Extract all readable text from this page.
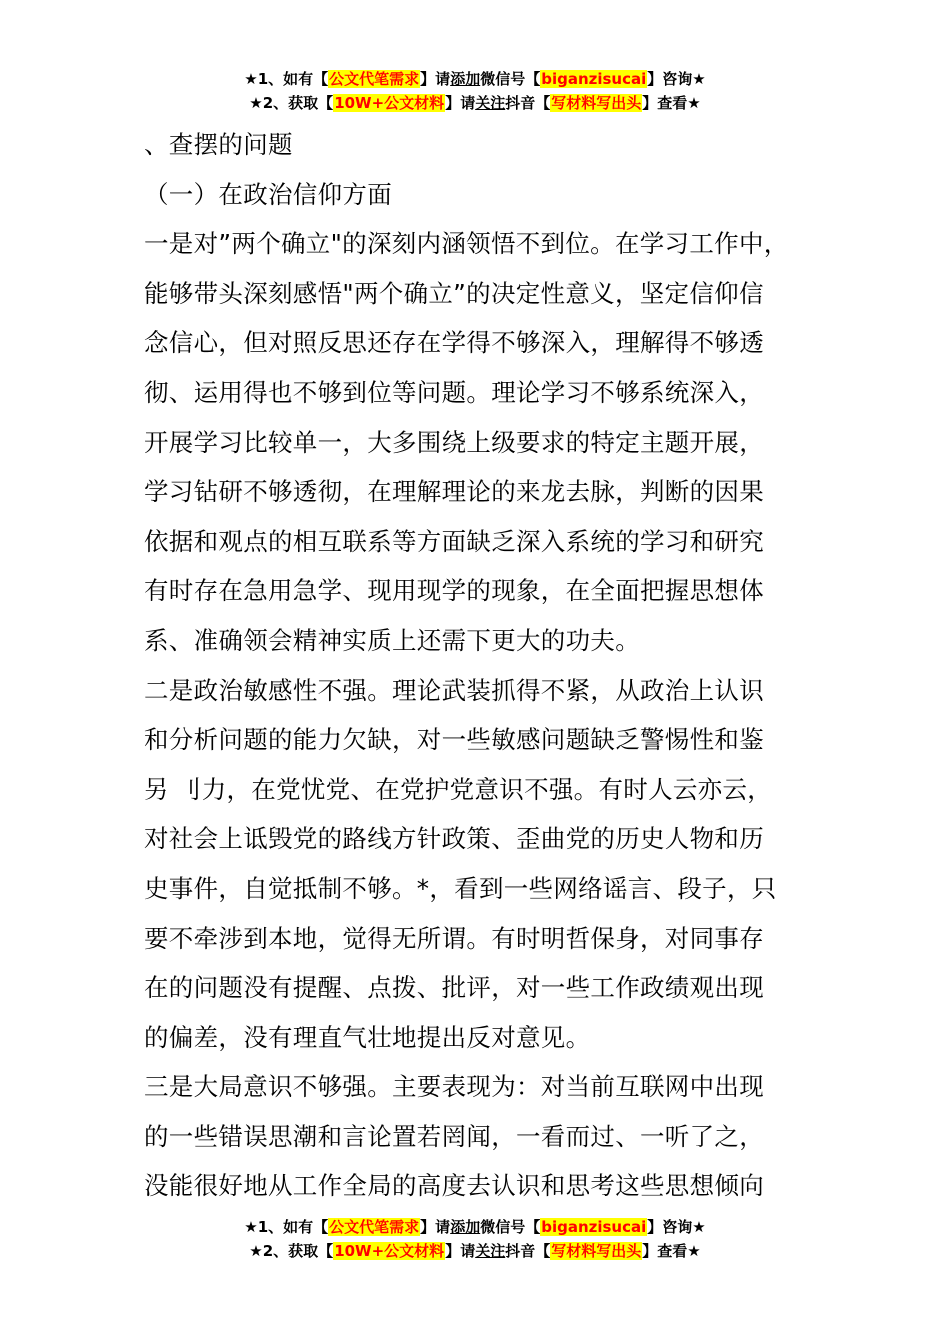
★1、如有【公文代笔需求】请添加微信号【biganzisucai】咨询★
★2、获取【10W+公文材料】请关注抖音【写材料写出头】查看★
、查摆的问题
（一）在政治信仰方面
一是对”两个确立"的深刻内涵领悟不到位。在学习工作中，
能够带头深刻感悟"两个确立”的决定性意义，坚定信仰信
念信心，但对照反思还存在学得不够深入，理解得不够透
彻、运用得也不够到位等问题。理论学习不够系统深入，
开展学习比较单一，大多围绕上级要求的特定主题开展，
学习钻研不够透彻，在理解理论的来龙去脉，判断的因果
依据和观点的相互联系等方面缺乏深入系统的学习和研究
有时存在急用急学、现用现学的现象，在全面把握思想体
系、准确领会精神实质上还需下更大的功夫。
二是政治敏感性不强。理论武装抓得不紧，从政治上认识
和分析问题的能力欠缺，对一些敏感问题缺乏警惕性和鉴
另 刂力，在党忧党、在党护党意识不强。有时人云亦云，
对社会上诋毁党的路线方针政策、歪曲党的历史人物和历
史事件，自觉抵制不够。*，看到一些网络谣言、段子，只
要不牵涉到本地，觉得无所谓。有时明哲保身，对同事存
在的问题没有提醒、点拨、批评，对一些工作政绩观出现
的偏差，没有理直气壮地提出反对意见。
三是大局意识不够强。主要表现为：对当前互联网中出现
的一些错误思潮和言论置若罔闻，一看而过、一听了之，
没能很好地从工作全局的高度去认识和思考这些思想倾向
★1、如有【公文代笔需求】请添加微信号【biganzisucai】咨询★
★2、获取【10W+公文材料】请关注抖音【写材料写出头】查看★
